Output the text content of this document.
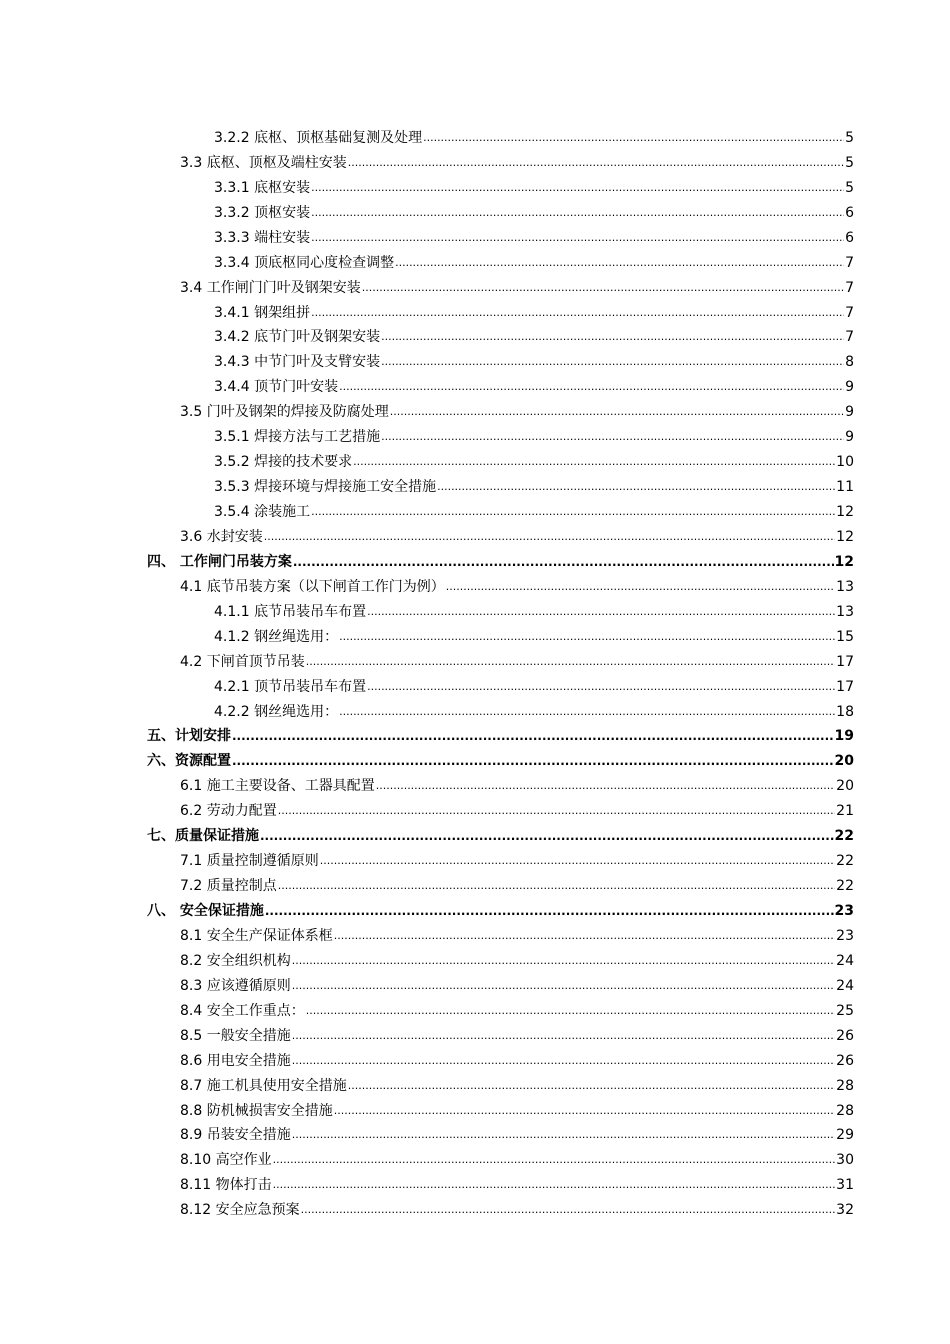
3.2.2 底枢、顶枢基础复测及处理 .....	5
3.3 底枢、顶枢及端柱安装 .....	5
3.3.1 底枢安装 .....	5
3.3.2 顶枢安装 .....	6
3.3.3 端柱安装 .....	6
3.3.4 顶底枢同心度检查调整 .....	7
3.4 工作闸门门叶及钢架安装 .....	7
3.4.1 钢架组拼 .....	7
3.4.2 底节门叶及钢架安装 .....	7
3.4.3 中节门叶及支臂安装 .....	8
3.4.4 顶节门叶安装 .....	9
3.5 门叶及钢架的焊接及防腐处理 .....	9
3.5.1 焊接方法与工艺措施 .....	9
3.5.2 焊接的技术要求 .....	10
3.5.3 焊接环境与焊接施工安全措施 .....	11
3.5.4 涂装施工 .....	12
3.6 水封安装 .....	12
四、 工作闸门吊装方案 .....	12
4.1 底节吊装方案（以下闸首工作门为例） .....	13
4.1.1 底节吊装吊车布置 .....	13
4.1.2 钢丝绳选用： .....	15
4.2 下闸首顶节吊装 .....	17
4.2.1 顶节吊装吊车布置 .....	17
4.2.2 钢丝绳选用： .....	18
五、计划安排 .....	19
六、资源配置 .....	20
6.1 施工主要设备、工器具配置 .....	20
6.2 劳动力配置 .....	21
七、质量保证措施 .....	22
7.1 质量控制遵循原则 .....	22
7.2 质量控制点 .....	22
八、 安全保证措施 .....	23
8.1 安全生产保证体系框 .....	23
8.2 安全组织机构 .....	24
8.3 应该遵循原则 .....	24
8.4 安全工作重点： .....	25
8.5 一般安全措施 .....	26
8.6 用电安全措施 .....	26
8.7 施工机具使用安全措施 .....	28
8.8 防机械损害安全措施 .....	28
8.9 吊装安全措施 .....	29
8.10 高空作业 .....	30
8.11 物体打击 .....	31
8.12 安全应急预案 .....	32
